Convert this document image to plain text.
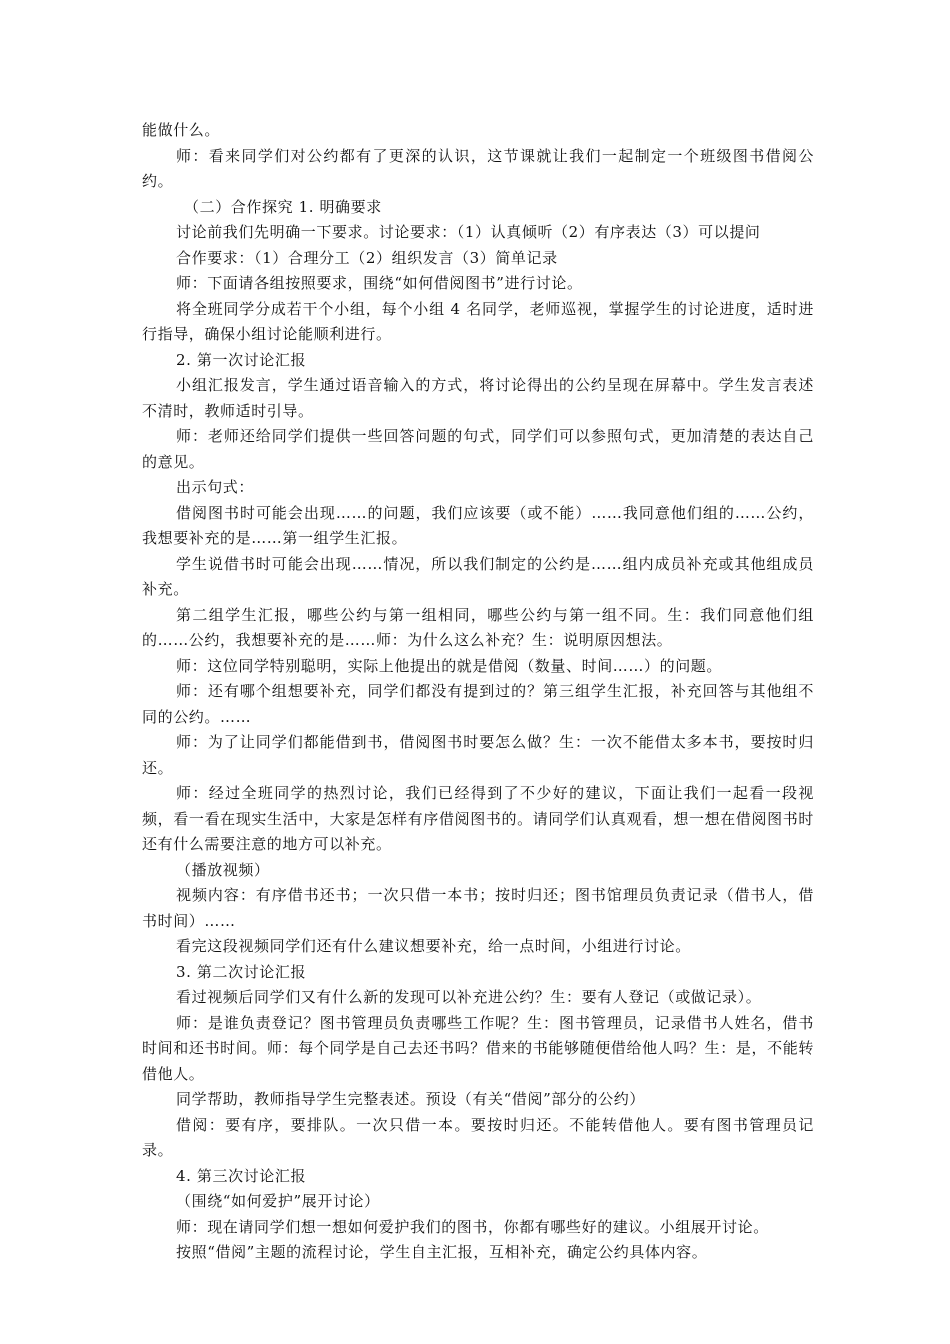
能做什么。

师：看来同学们对公约都有了更深的认识，这节课就让我们一起制定一个班级图书借阅公约。

（二）合作探究 1. 明确要求

讨论前我们先明确一下要求。讨论要求：（1）认真倾听（2）有序表达（3）可以提问

合作要求：（1）合理分工（2）组织发言（3）简单记录

师：下面请各组按照要求，围绕“如何借阅图书”进行讨论。

将全班同学分成若干个小组，每个小组 4 名同学，老师巡视，掌握学生的讨论进度，适时进行指导，确保小组讨论能顺利进行。

2. 第一次讨论汇报

小组汇报发言，学生通过语音输入的方式，将讨论得出的公约呈现在屏幕中。学生发言表述不清时，教师适时引导。

师：老师还给同学们提供一些回答问题的句式，同学们可以参照句式，更加清楚的表达自己的意见。

出示句式：

借阅图书时可能会出现……的问题，我们应该要（或不能）……我同意他们组的……公约，我想要补充的是……第一组学生汇报。

学生说借书时可能会出现……情况，所以我们制定的公约是……组内成员补充或其他组成员补充。

第二组学生汇报，哪些公约与第一组相同，哪些公约与第一组不同。生：我们同意他们组的……公约，我想要补充的是……师：为什么这么补充？生：说明原因想法。

师：这位同学特别聪明，实际上他提出的就是借阅（数量、时间……）的问题。

师：还有哪个组想要补充，同学们都没有提到过的？第三组学生汇报，补充回答与其他组不同的公约。……

师：为了让同学们都能借到书，借阅图书时要怎么做？生：一次不能借太多本书，要按时归还。

师：经过全班同学的热烈讨论，我们已经得到了不少好的建议，下面让我们一起看一段视频，看一看在现实生活中，大家是怎样有序借阅图书的。请同学们认真观看，想一想在借阅图书时还有什么需要注意的地方可以补充。

（播放视频）

视频内容：有序借书还书；一次只借一本书；按时归还；图书馆理员负责记录（借书人，借书时间）……

看完这段视频同学们还有什么建议想要补充，给一点时间，小组进行讨论。

3. 第二次讨论汇报

看过视频后同学们又有什么新的发现可以补充进公约？生：要有人登记（或做记录）。

师：是谁负责登记？图书管理员负责哪些工作呢？生：图书管理员，记录借书人姓名，借书时间和还书时间。师：每个同学是自己去还书吗？借来的书能够随便借给他人吗？生：是，不能转借他人。

同学帮助，教师指导学生完整表述。预设（有关“借阅”部分的公约）

借阅：要有序，要排队。一次只借一本。要按时归还。不能转借他人。要有图书管理员记录。

4. 第三次讨论汇报

（围绕“如何爱护”展开讨论）

师：现在请同学们想一想如何爱护我们的图书，你都有哪些好的建议。小组展开讨论。

按照“借阅”主题的流程讨论，学生自主汇报，互相补充，确定公约具体内容。
